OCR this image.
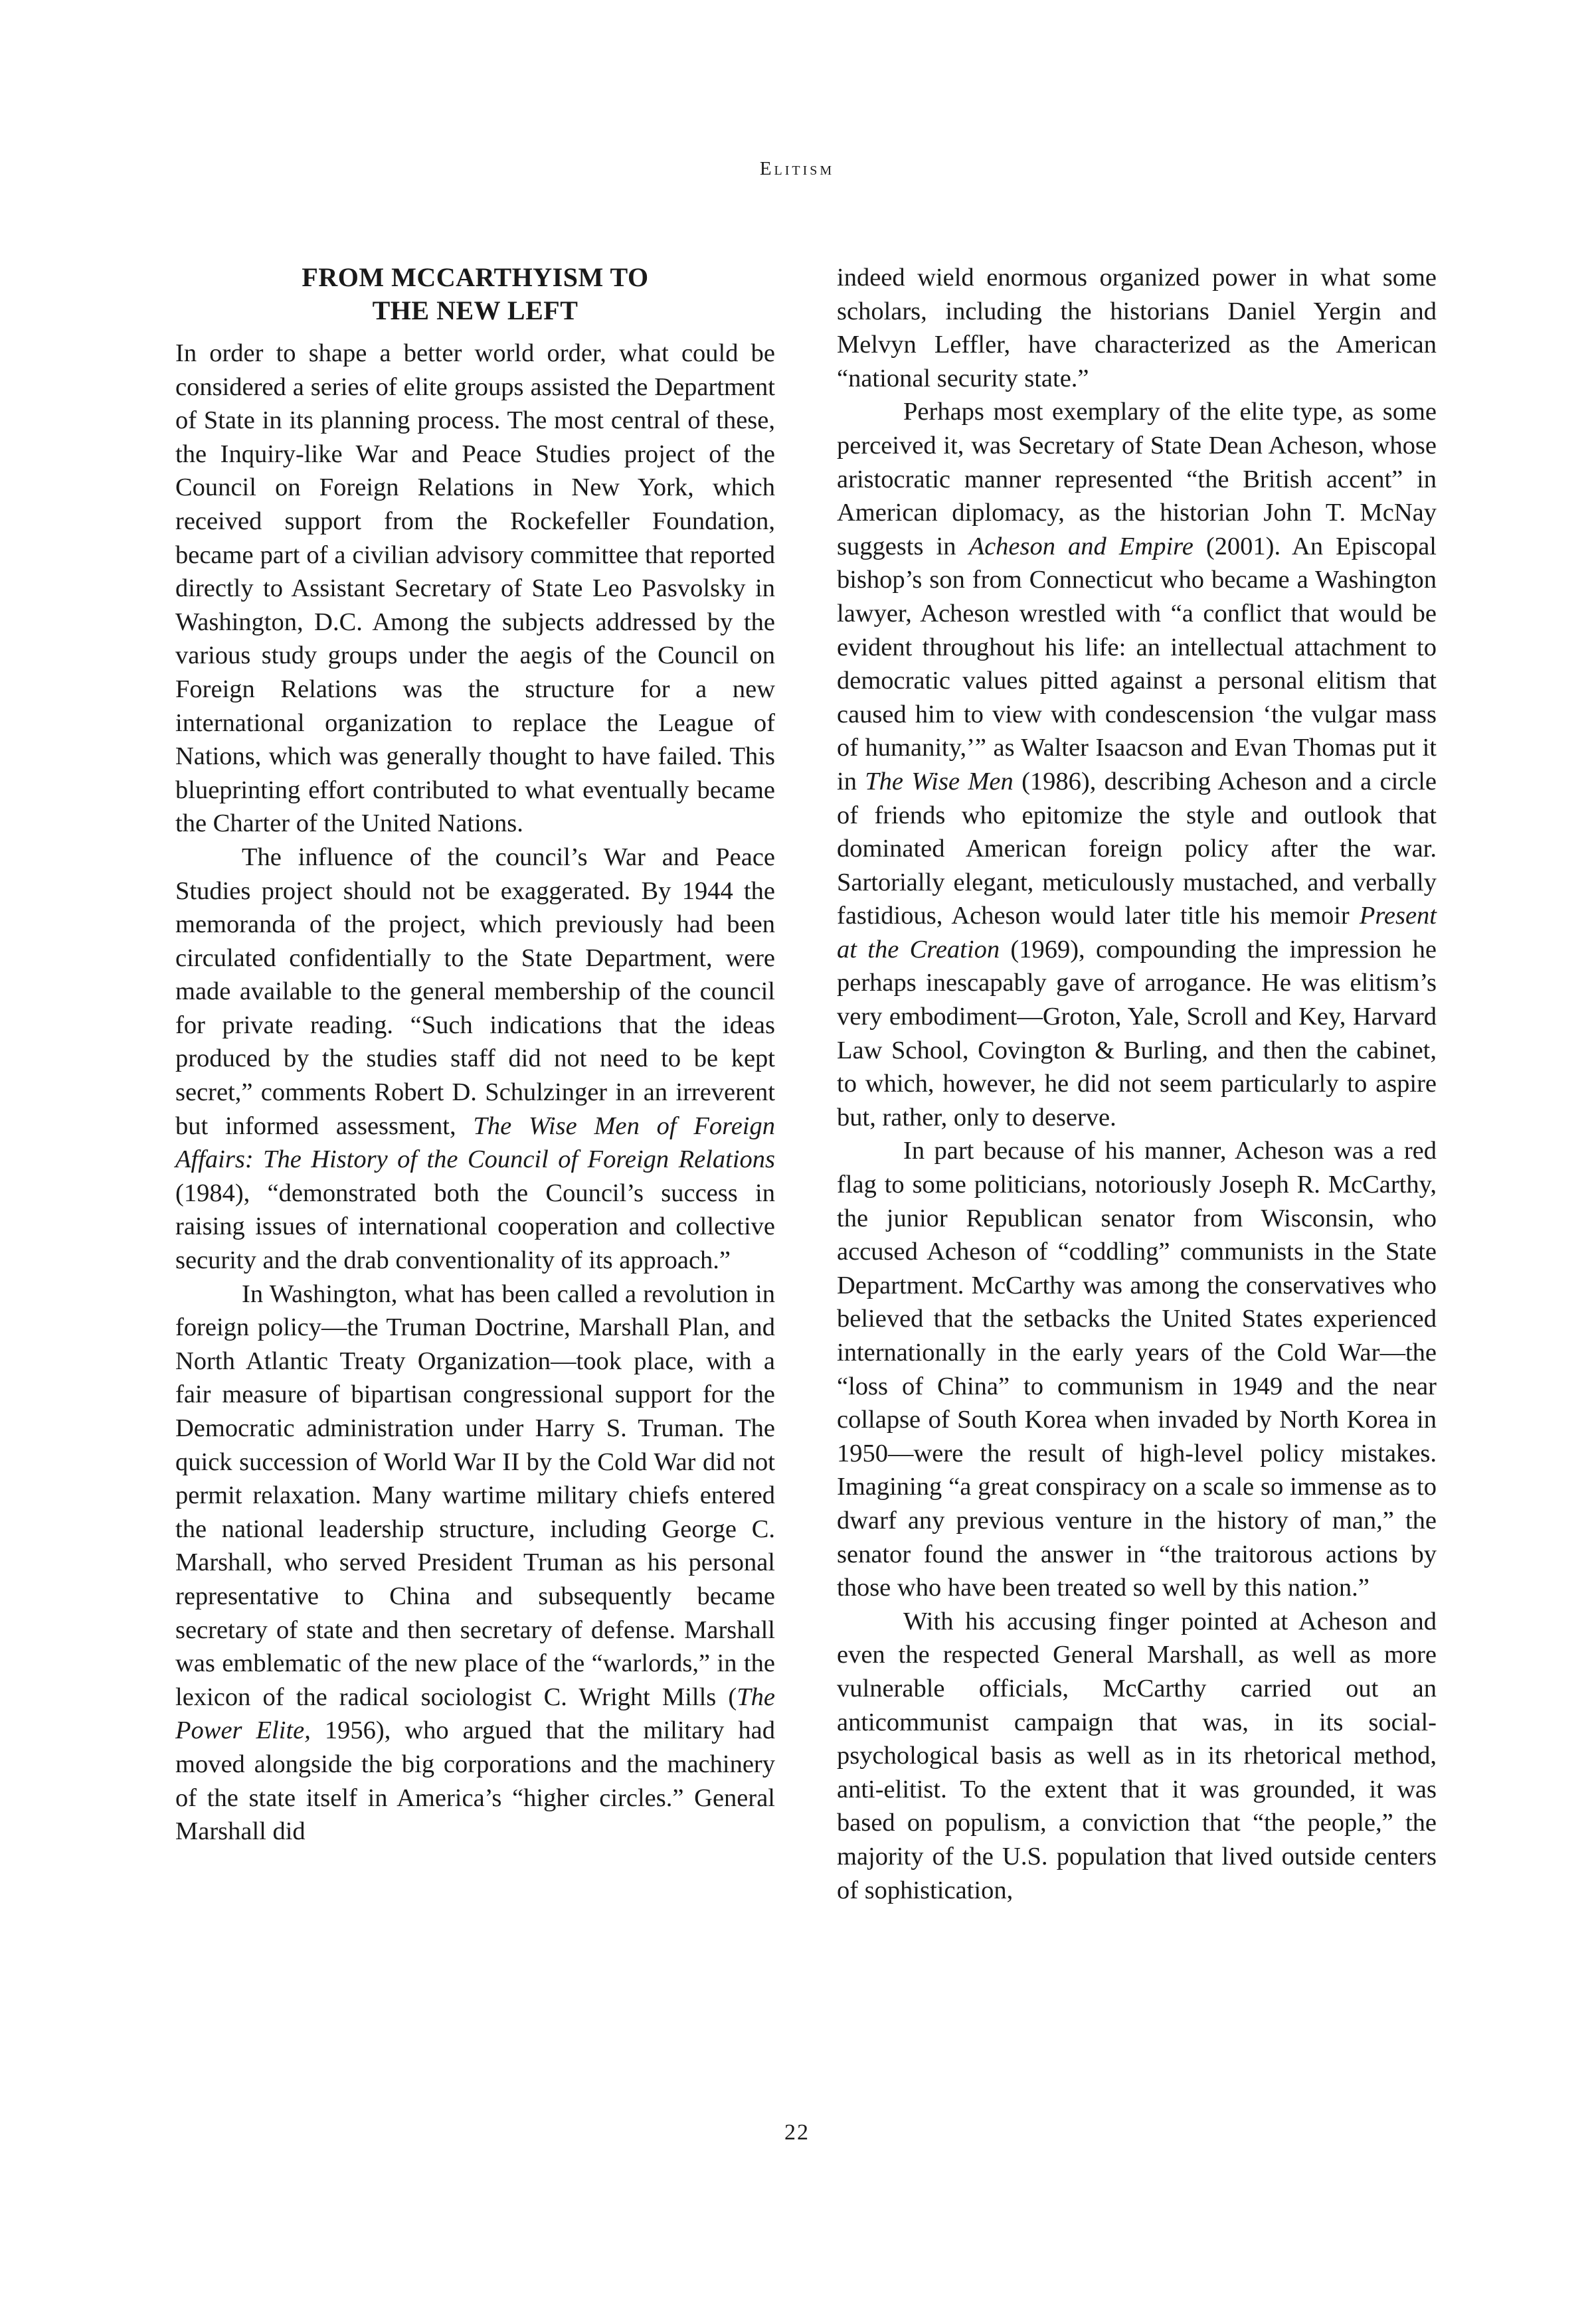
Elitism
FROM MCCARTHYISM TO
THE NEW LEFT

In order to shape a better world order, what could be considered a series of elite groups assisted the Department of State in its planning process. The most central of these, the Inquiry-like War and Peace Studies project of the Council on Foreign Relations in New York, which received support from the Rockefeller Foundation, became part of a civilian advisory committee that reported directly to Assistant Secretary of State Leo Pasvolsky in Washington, D.C. Among the subjects addressed by the various study groups under the aegis of the Council on Foreign Relations was the structure for a new international organization to replace the League of Nations, which was generally thought to have failed. This blueprinting effort contributed to what eventually became the Charter of the United Nations.

The influence of the council’s War and Peace Studies project should not be exaggerated. By 1944 the memoranda of the project, which previously had been circulated confidentially to the State Department, were made available to the general membership of the council for private reading. “Such indications that the ideas produced by the studies staff did not need to be kept secret,” comments Robert D. Schulzinger in an irreverent but informed assessment, The Wise Men of Foreign Affairs: The History of the Council of Foreign Relations (1984), “demonstrated both the Council’s success in raising issues of international cooperation and collective security and the drab conventionality of its approach.”

In Washington, what has been called a revolution in foreign policy—the Truman Doctrine, Marshall Plan, and North Atlantic Treaty Organization—took place, with a fair measure of bipartisan congressional support for the Democratic administration under Harry S. Truman. The quick succession of World War II by the Cold War did not permit relaxation. Many wartime military chiefs entered the national leadership structure, including George C. Marshall, who served President Truman as his personal representative to China and subsequently became secretary of state and then secretary of defense. Marshall was emblematic of the new place of the “warlords,” in the lexicon of the radical sociologist C. Wright Mills (The Power Elite, 1956), who argued that the military had moved alongside the big corporations and the machinery of the state itself in America’s “higher circles.” General Marshall did

indeed wield enormous organized power in what some scholars, including the historians Daniel Yergin and Melvyn Leffler, have characterized as the American “national security state.”

Perhaps most exemplary of the elite type, as some perceived it, was Secretary of State Dean Acheson, whose aristocratic manner represented “the British accent” in American diplomacy, as the historian John T. McNay suggests in Acheson and Empire (2001). An Episcopal bishop’s son from Connecticut who became a Washington lawyer, Acheson wrestled with “a conflict that would be evident throughout his life: an intellectual attachment to democratic values pitted against a personal elitism that caused him to view with condescension ‘the vulgar mass of humanity,’” as Walter Isaacson and Evan Thomas put it in The Wise Men (1986), describing Acheson and a circle of friends who epitomize the style and outlook that dominated American foreign policy after the war. Sartorially elegant, meticulously mustached, and verbally fastidious, Acheson would later title his memoir Present at the Creation (1969), compounding the impression he perhaps inescapably gave of arrogance. He was elitism’s very embodiment—Groton, Yale, Scroll and Key, Harvard Law School, Covington & Burling, and then the cabinet, to which, however, he did not seem particularly to aspire but, rather, only to deserve.

In part because of his manner, Acheson was a red flag to some politicians, notoriously Joseph R. McCarthy, the junior Republican senator from Wisconsin, who accused Acheson of “coddling” communists in the State Department. McCarthy was among the conservatives who believed that the setbacks the United States experienced internationally in the early years of the Cold War—the “loss of China” to communism in 1949 and the near collapse of South Korea when invaded by North Korea in 1950—were the result of high-level policy mistakes. Imagining “a great conspiracy on a scale so immense as to dwarf any previous venture in the history of man,” the senator found the answer in “the traitorous actions by those who have been treated so well by this nation.”

With his accusing finger pointed at Acheson and even the respected General Marshall, as well as more vulnerable officials, McCarthy carried out an anticommunist campaign that was, in its social-psychological basis as well as in its rhetorical method, anti-elitist. To the extent that it was grounded, it was based on populism, a conviction that “the people,” the majority of the U.S. population that lived outside centers of sophistication,

22
